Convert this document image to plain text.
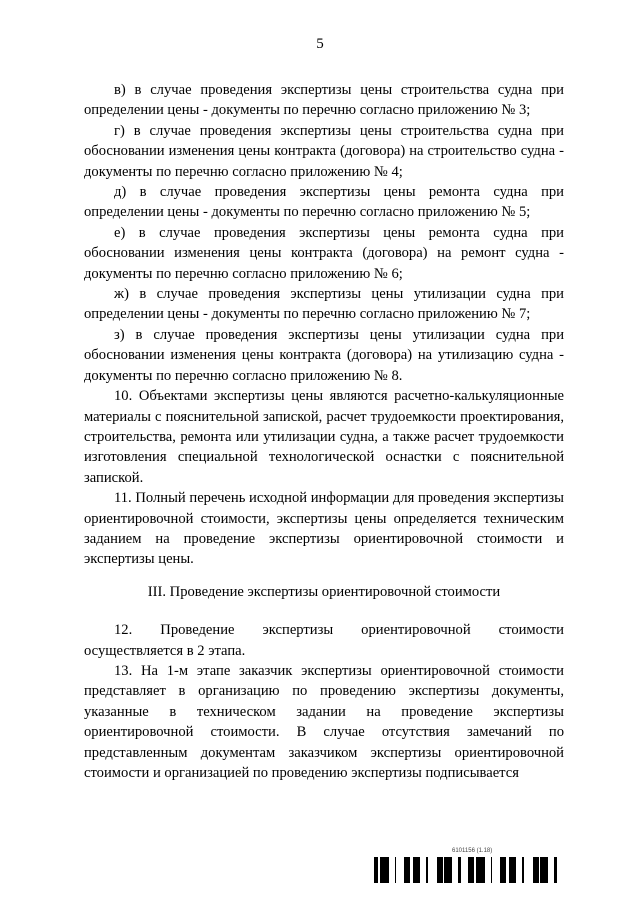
5

в) в случае проведения экспертизы цены строительства судна при определении цены - документы по перечню согласно приложению № 3;

г) в случае проведения экспертизы цены строительства судна при обосновании изменения цены контракта (договора) на строительство судна - документы по перечню согласно приложению № 4;

д) в случае проведения экспертизы цены ремонта судна при определении цены - документы по перечню согласно приложению № 5;

е) в случае проведения экспертизы цены ремонта судна при обосновании изменения цены контракта (договора) на ремонт судна - документы по перечню согласно приложению № 6;

ж) в случае проведения экспертизы цены утилизации судна при определении цены - документы по перечню согласно приложению № 7;

з) в случае проведения экспертизы цены утилизации судна при обосновании изменения цены контракта (договора) на утилизацию судна - документы по перечню согласно приложению № 8.

10. Объектами экспертизы цены являются расчетно-калькуляционные материалы с пояснительной запиской, расчет трудоемкости проектирования, строительства, ремонта или утилизации судна, а также расчет трудоемкости изготовления специальной технологической оснастки с пояснительной запиской.

11. Полный перечень исходной информации для проведения экспертизы ориентировочной стоимости, экспертизы цены определяется техническим заданием на проведение экспертизы ориентировочной стоимости и экспертизы цены.

III. Проведение экспертизы ориентировочной стоимости

12. Проведение экспертизы ориентировочной стоимости осуществляется в 2 этапа.

13. На 1-м этапе заказчик экспертизы ориентировочной стоимости представляет в организацию по проведению экспертизы документы, указанные в техническом задании на проведение экспертизы ориентировочной стоимости. В случае отсутствия замечаний по представленным документам заказчиком экспертизы ориентировочной стоимости и организацией по проведению экспертизы подписывается

6101156 (1.18)
